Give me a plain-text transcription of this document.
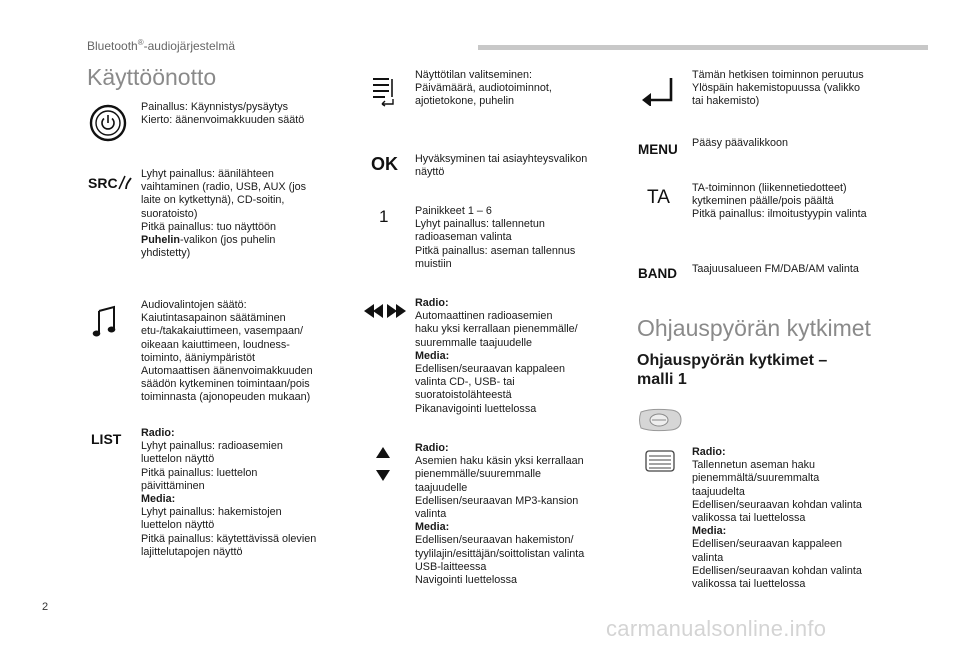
Bluetooth®-audiojärjestelmä
Käyttöönotto
Painallus: Käynnistys/pysäytys
Kierto: äänenvoimakkuuden säätö
SRC
Lyhyt painallus: äänilähteen
vaihtaminen (radio, USB, AUX (jos
laite on kytkettynä), CD-soitin,
suoratoisto)
Pitkä painallus: tuo näyttöön
Puhelin-valikon (jos puhelin
yhdistetty)
Audiovalintojen säätö:
Kaiutintasapainon säätäminen
etu-/takakaiuttimeen, vasempaan/
oikeaan kaiuttimeen, loudness-
toiminto, ääniympäristöt
Automaattisen äänenvoimakkuuden
säädön kytkeminen toimintaan/pois
toiminnasta (ajonopeuden mukaan)
LIST Radio:
Lyhyt painallus: radioasemien
luettelon näyttö
Pitkä painallus: luettelon
päivittäminen
Media:
Lyhyt painallus: hakemistojen
luettelon näyttö
Pitkä painallus: käytettävissä olevien
lajittelutapojen näyttö
Näyttötilan valitseminen:
Päivämäärä, audiotoiminnot,
ajotietokone, puhelin
OK Hyväksyminen tai asiayhteysvalikon
näyttö
1 Painikkeet 1 – 6
Lyhyt painallus: tallennetun
radioaseman valinta
Pitkä painallus: aseman tallennus
muistiin
Radio:
Automaattinen radioasemien
haku yksi kerrallaan pienemmälle/
suuremmalle taajuudelle
Media:
Edellisen/seuraavan kappaleen
valinta CD-, USB- tai
suoratoistolähteestä
Pikanavigointi luettelossa
Radio:
Asemien haku käsin yksi kerrallaan
pienemmälle/suuremmalle
taajuudelle
Edellisen/seuraavan MP3-kansion
valinta
Media:
Edellisen/seuraavan hakemiston/
tyylilajin/esittäjän/soittolistan valinta
USB-laitteessa
Navigointi luettelossa
Tämän hetkisen toiminnon peruutus
Ylöspäin hakemistopuussa (valikko
tai hakemisto)
MENU Pääsy päävalikkoon
TA TA-toiminnon (liikennetiedotteet)
kytkeminen päälle/pois päältä
Pitkä painallus: ilmoitustyypin valinta
BAND Taajuusalueen FM/DAB/AM valinta
Ohjauspyörän kytkimet
Ohjauspyörän kytkimet –
malli 1
Radio:
Tallennetun aseman haku
pienemmältä/suuremmalta
taajuudelta
Edellisen/seuraavan kohdan valinta
valikossa tai luettelossa
Media:
Edellisen/seuraavan kappaleen
valinta
Edellisen/seuraavan kohdan valinta
valikossa tai luettelossa
2
carmanualsonline.info
